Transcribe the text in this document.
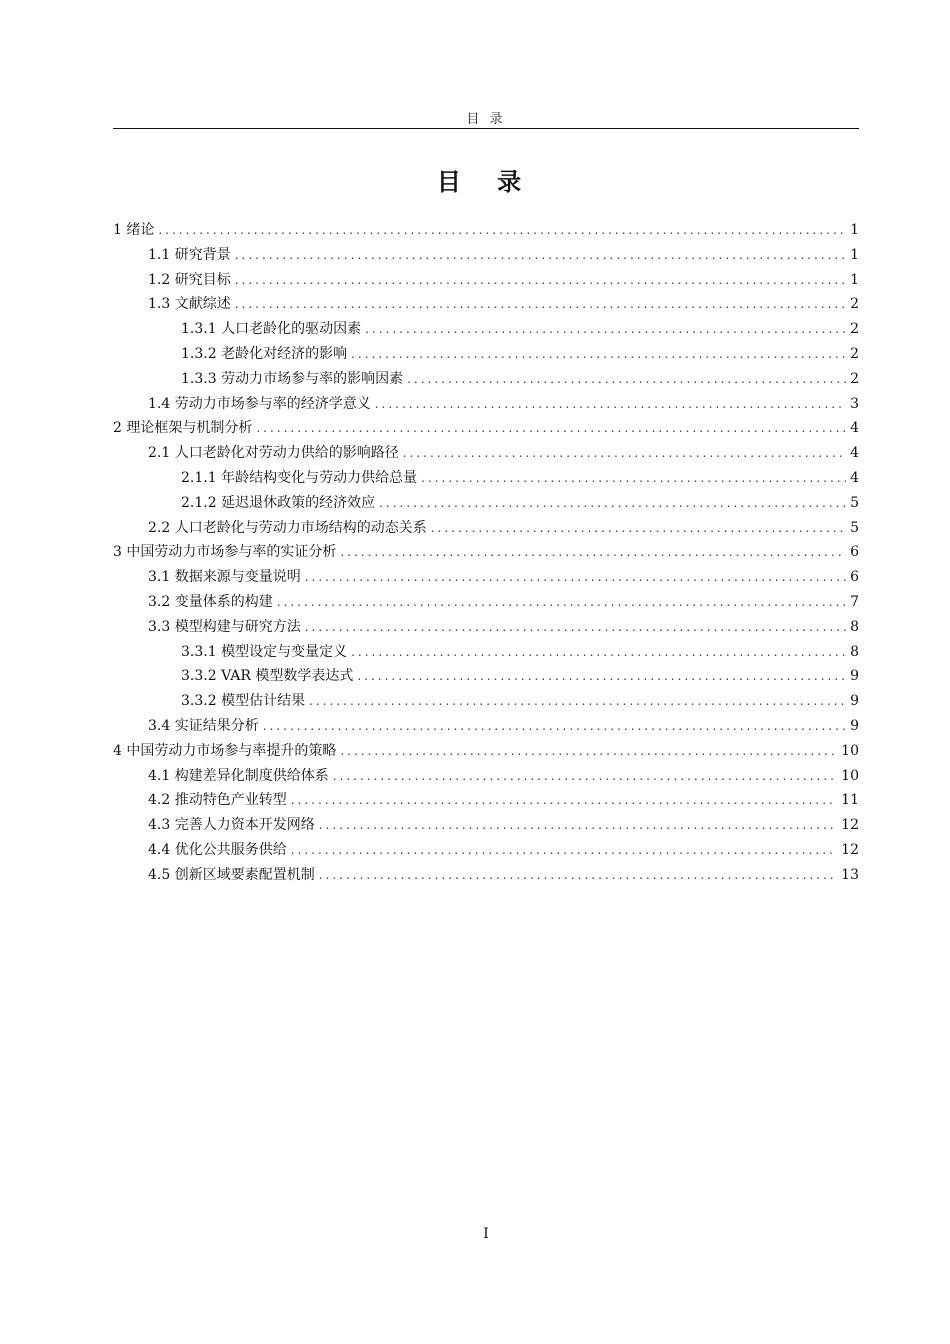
目 录
目 录
1 绪论 .....	1
1.1 研究背景 .....	1
1.2 研究目标 .....	1
1.3 文献综述 .....	2
1.3.1 人口老龄化的驱动因素 .....	2
1.3.2 老龄化对经济的影响 .....	2
1.3.3 劳动力市场参与率的影响因素 .....	2
1.4 劳动力市场参与率的经济学意义 .....	3
2 理论框架与机制分析 .....	4
2.1 人口老龄化对劳动力供给的影响路径 .....	4
2.1.1 年龄结构变化与劳动力供给总量 .....	4
2.1.2 延迟退休政策的经济效应 .....	5
2.2 人口老龄化与劳动力市场结构的动态关系 .....	5
3 中国劳动力市场参与率的实证分析 .....	6
3.1 数据来源与变量说明 .....	6
3.2 变量体系的构建 .....	7
3.3 模型构建与研究方法 .....	8
3.3.1 模型设定与变量定义 .....	8
3.3.2 VAR 模型数学表达式 .....	9
3.3.2 模型估计结果 .....	9
3.4 实证结果分析 .....	9
4 中国劳动力市场参与率提升的策略 .....	10
4.1 构建差异化制度供给体系 .....	10
4.2 推动特色产业转型 .....	11
4.3 完善人力资本开发网络 .....	12
4.4 优化公共服务供给 .....	12
4.5 创新区域要素配置机制 .....	13
I
